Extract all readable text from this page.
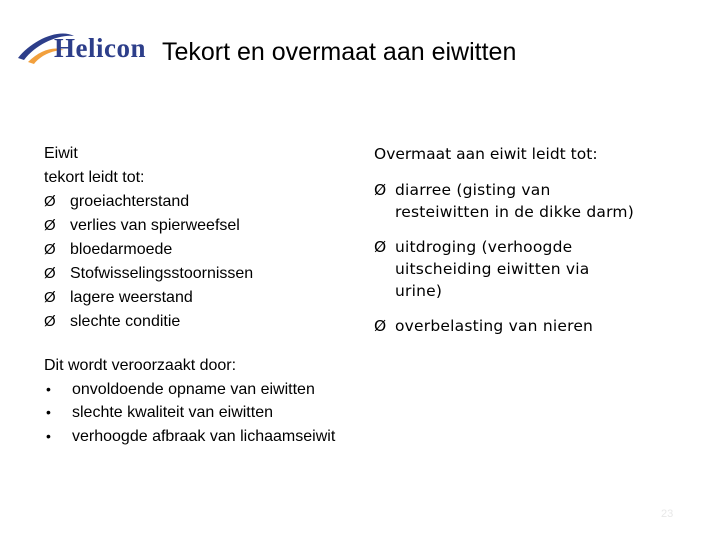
Helicon Tekort en overmaat aan eiwitten
Eiwit
tekort leidt tot:
Ø groeiachterstand
Ø verlies van spierweefsel
Ø bloedarmoede
Ø Stofwisselingsstoornissen
Ø lagere weerstand
Ø slechte conditie
Dit wordt veroorzaakt door:
•	onvoldoende opname van eiwitten
•	slechte kwaliteit van eiwitten
•	verhoogde afbraak van lichaamseiwit
Overmaat aan eiwit leidt tot:
Ø diarree (gisting van
resteiwitten in de dikke darm)
Ø uitdroging (verhoogde
uitscheiding eiwitten via
urine)
Ø overbelasting van nieren
23
